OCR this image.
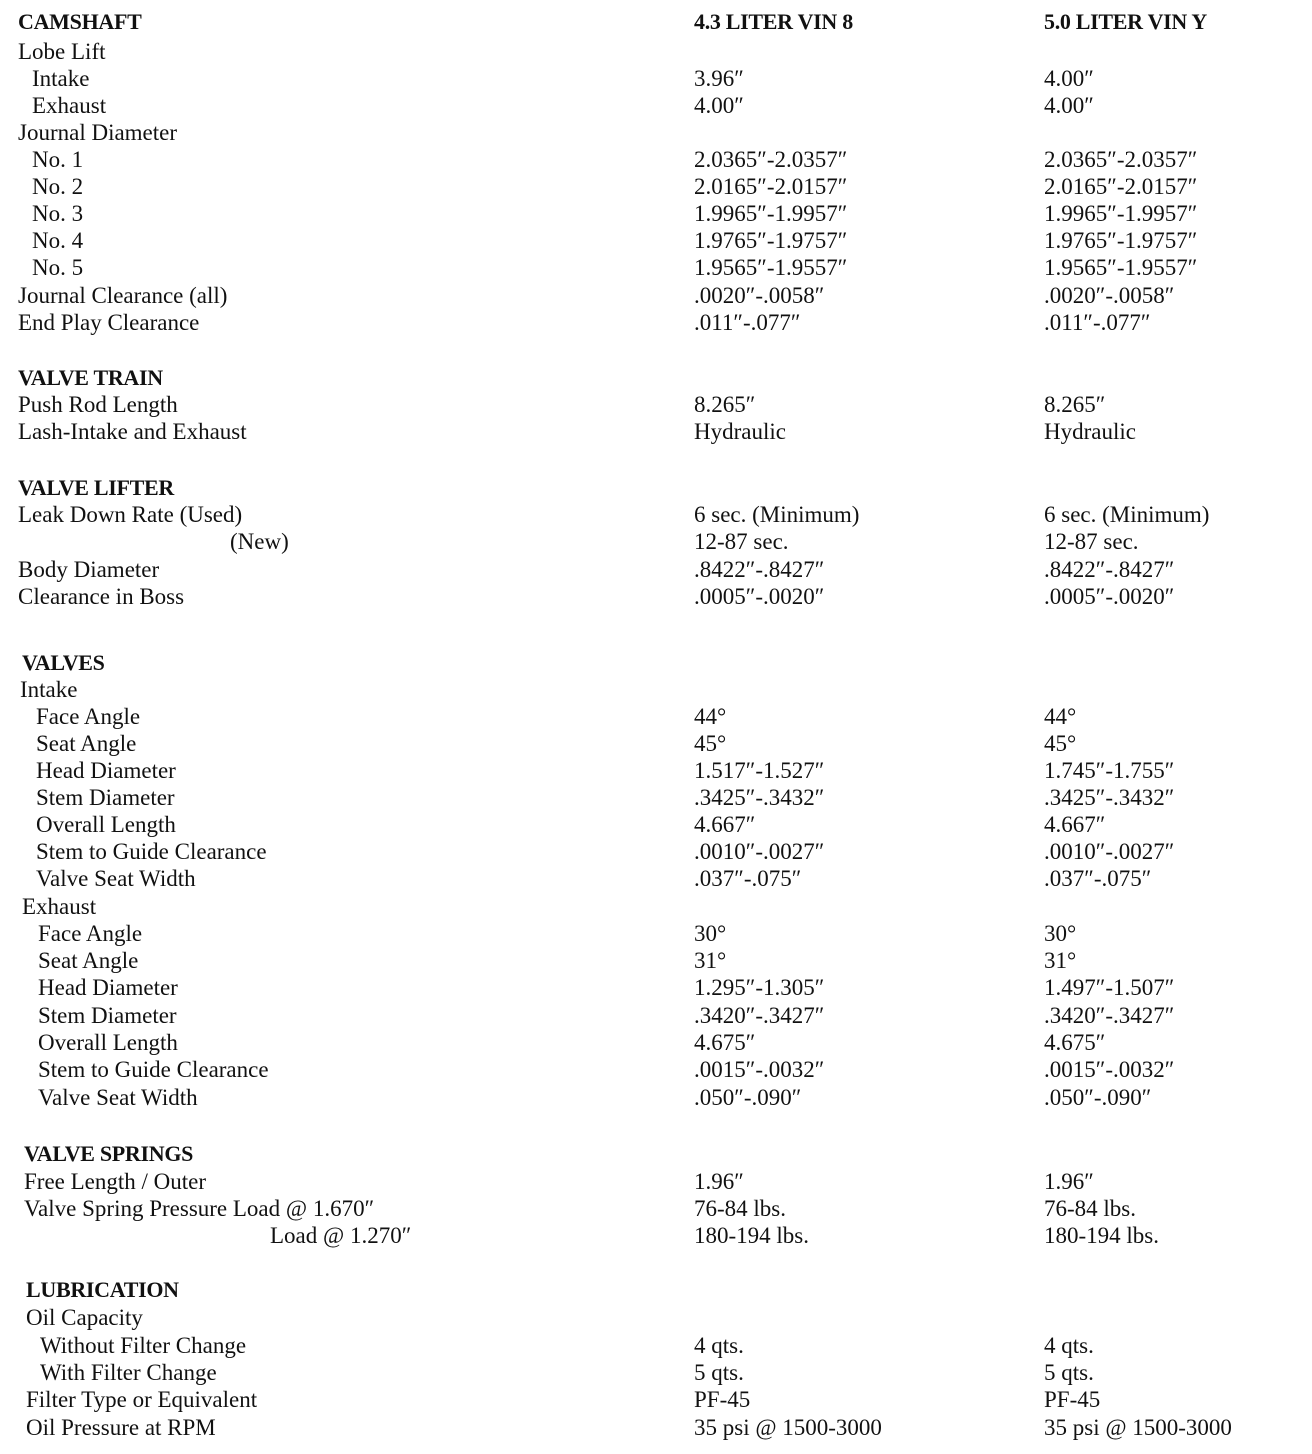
CAMSHAFT	4.3 LITER VIN 8	5.0 LITER VIN Y
Lobe Lift
Intake	3.96″	4.00″
Exhaust	4.00″	4.00″
Journal Diameter
No. 1	2.0365″-2.0357″	2.0365″-2.0357″
No. 2	2.0165″-2.0157″	2.0165″-2.0157″
No. 3	1.9965″-1.9957″	1.9965″-1.9957″
No. 4	1.9765″-1.9757″	1.9765″-1.9757″
No. 5	1.9565″-1.9557″	1.9565″-1.9557″
Journal Clearance (all)	.0020″-.0058″	.0020″-.0058″
End Play Clearance	.011″-.077″	.011″-.077″
VALVE TRAIN
Push Rod Length	8.265″	8.265″
Lash-Intake and Exhaust	Hydraulic	Hydraulic
VALVE LIFTER
Leak Down Rate (Used)	6 sec. (Minimum)	6 sec. (Minimum)
(New)	12-87 sec.	12-87 sec.
Body Diameter	.8422″-.8427″	.8422″-.8427″
Clearance in Boss	.0005″-.0020″	.0005″-.0020″
VALVES
Intake
Face Angle	44°	44°
Seat Angle	45°	45°
Head Diameter	1.517″-1.527″	1.745″-1.755″
Stem Diameter	.3425″-.3432″	.3425″-.3432″
Overall Length	4.667″	4.667″
Stem to Guide Clearance	.0010″-.0027″	.0010″-.0027″
Valve Seat Width	.037″-.075″	.037″-.075″
Exhaust
Face Angle	30°	30°
Seat Angle	31°	31°
Head Diameter	1.295″-1.305″	1.497″-1.507″
Stem Diameter	.3420″-.3427″	.3420″-.3427″
Overall Length	4.675″	4.675″
Stem to Guide Clearance	.0015″-.0032″	.0015″-.0032″
Valve Seat Width	.050″-.090″	.050″-.090″
VALVE SPRINGS
Free Length / Outer	1.96″	1.96″
Valve Spring Pressure Load @ 1.670″	76-84 lbs.	76-84 lbs.
Load @ 1.270″	180-194 lbs.	180-194 lbs.
LUBRICATION
Oil Capacity
Without Filter Change	4 qts.	4 qts.
With Filter Change	5 qts.	5 qts.
Filter Type or Equivalent	PF-45	PF-45
Oil Pressure at RPM	35 psi @ 1500-3000	35 psi @ 1500-3000
